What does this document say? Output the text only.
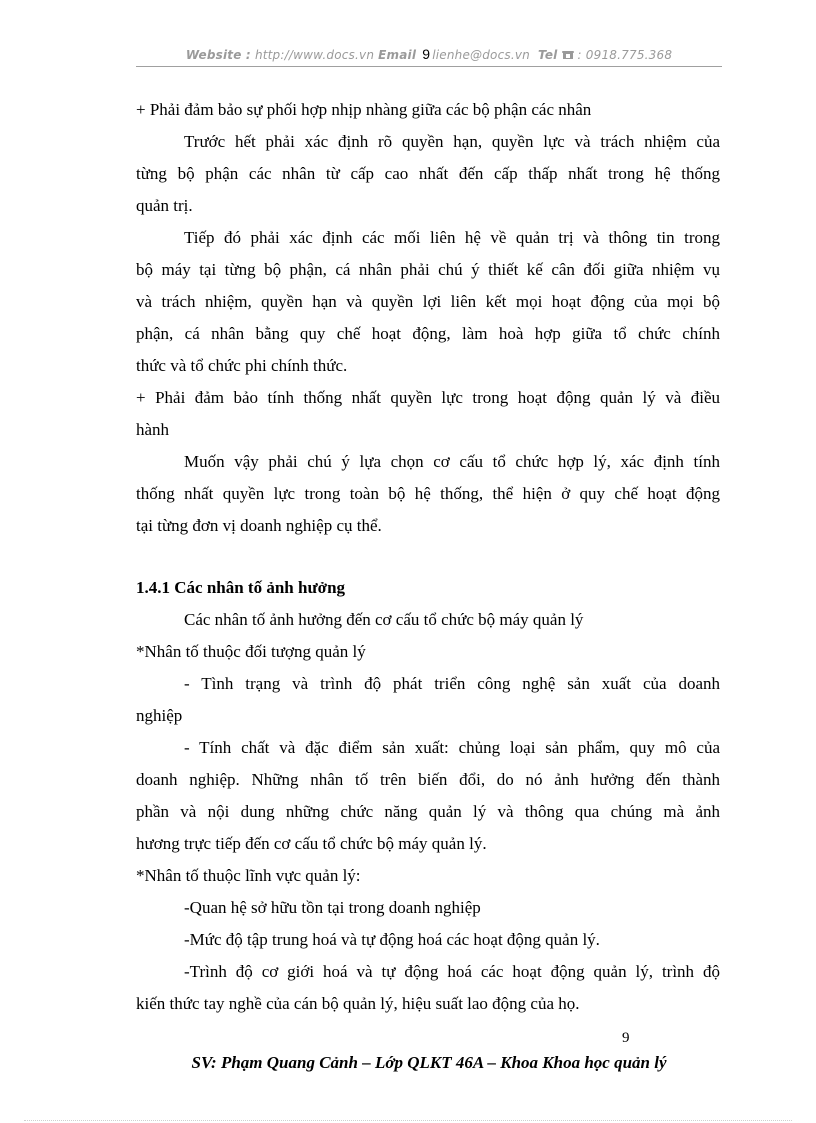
Website : http://www.docs.vn Email 9 lienhe@docs.vn Tel : 0918.775.368
+ Phải đảm bảo sự phối hợp nhịp nhàng giữa các bộ phận các nhân
Trước hết phải xác định rõ quyền hạn, quyền lực và trách nhiệm của
từng bộ phận các nhân từ cấp cao nhất đến cấp thấp nhất trong hệ thống
quản trị.
Tiếp đó phải xác định các mối liên hệ về quản trị và thông tin trong
bộ máy tại từng bộ phận, cá nhân phải chú ý thiết kế cân đối giữa nhiệm vụ
và trách nhiệm, quyền hạn và quyền lợi liên kết mọi hoạt động của mọi bộ
phận, cá nhân bằng quy chế hoạt động, làm hoà hợp giữa tổ chức chính
thức và tổ chức phi chính thức.
+ Phải đảm bảo tính thống nhất quyền lực trong hoạt động quản lý và điều
hành
Muốn vậy phải chú ý lựa chọn cơ cấu tổ chức hợp lý, xác định tính
thống nhất quyền lực trong toàn bộ hệ thống, thể hiện ở quy chế hoạt động
tại từng đơn vị doanh nghiệp cụ thể.
1.4.1 Các nhân tố ảnh hưởng
Các nhân tố ảnh hưởng đến cơ cấu tổ chức bộ máy quản lý
*Nhân tố thuộc đối tượng quản lý
- Tình trạng và trình độ phát triển công nghệ sản xuất của doanh
nghiệp
- Tính chất và đặc điểm sản xuất: chủng loại sản phẩm, quy mô của
doanh nghiệp. Những nhân tố trên biến đổi, do nó ảnh hưởng đến thành
phần và nội dung những chức năng quản lý và thông qua chúng mà ảnh
hương trực tiếp đến cơ cấu tổ chức bộ máy quản lý.
*Nhân tố thuộc lĩnh vực quản lý:
-Quan hệ sở hữu tồn tại trong doanh nghiệp
-Mức độ tập trung hoá và tự động hoá các hoạt động quản lý.
-Trình độ cơ giới hoá và tự động hoá các hoạt động quản lý, trình độ
kiến thức tay nghề của cán bộ quản lý, hiệu suất lao động của họ.
9
SV: Phạm Quang Cảnh – Lớp QLKT 46A – Khoa Khoa học quản lý
